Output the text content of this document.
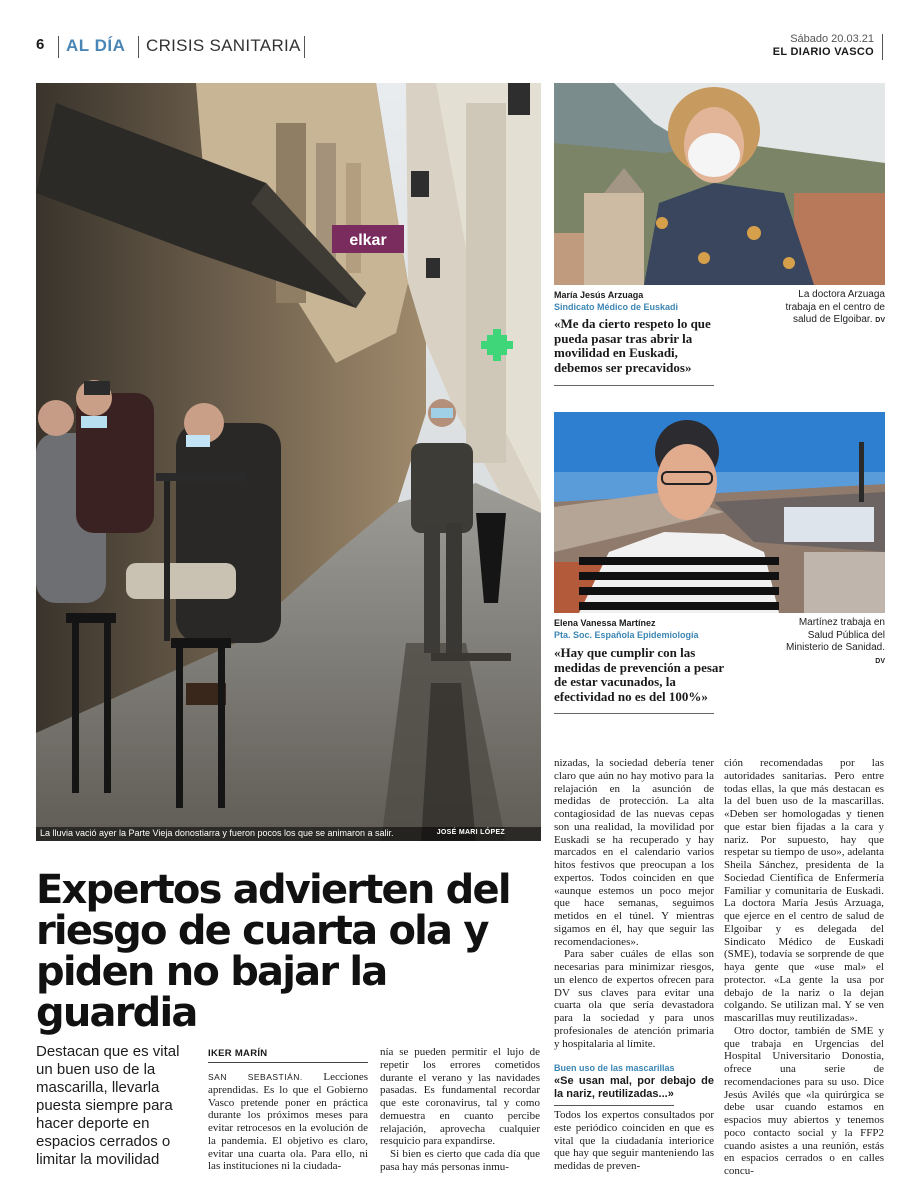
6 AL DÍA CRISIS SANITARIA	Sábado 20.03.21
EL DIARIO VASCO
elkar
La lluvia vació ayer la Parte Vieja donostiarra y fueron pocos los que se animaron a salir.	JOSÉ MARI LÓPEZ
María Jesús Arzuaga
Sindicato Médico de Euskadi
«Me da cierto respeto lo que pueda pasar tras abrir la movilidad en Euskadi, debemos ser precavidos»
La doctora Arzuaga trabaja en el centro de salud de Elgoibar. DV
Elena Vanessa Martínez
Pta. Soc. Española Epidemiología
«Hay que cumplir con las medidas de prevención a pesar de estar vacunados, la efectividad no es del 100%»
Martínez trabaja en Salud Pública del Ministerio de Sanidad. DV
Expertos advierten del riesgo de cuarta ola y piden no bajar la guardia
Destacan que es vital un buen uso de la mascarilla, llevarla puesta siempre para hacer deporte en espacios cerrados o limitar la movilidad
IKER MARÍN

SAN SEBASTIÁN. Lecciones aprendidas. Es lo que el Gobierno Vasco pretende poner en práctica durante los próximos meses para evitar retrocesos en la evolución de la pandemia. El objetivo es claro, evitar una cuarta ola. Para ello, ni las instituciones ni la ciudada-

nía se pueden permitir el lujo de repetir los errores cometidos durante el verano y las navidades pasadas. Es fundamental recordar que este coronavirus, tal y como demuestra en cuanto percibe relajación, aprovecha cualquier resquicio para expandirse.

Si bien es cierto que cada día que pasa hay más personas inmu-

nizadas, la sociedad debería tener claro que aún no hay motivo para la relajación en la asunción de medidas de protección. La alta contagiosidad de las nuevas cepas son una realidad, la movilidad por Euskadi se ha recuperado y hay marcados en el calendario varios hitos festivos que preocupan a los expertos. Todos coinciden en que «aunque estemos un poco mejor que hace semanas, seguimos metidos en el túnel. Y mientras sigamos en él, hay que seguir las recomendaciones».

Para saber cuáles de ellas son necesarias para minimizar riesgos, un elenco de expertos ofrecen para DV sus claves para evitar una cuarta ola que sería devastadora para la sociedad y para unos profesionales de atención primaria y hospitalaria al límite.

Buen uso de las mascarillas
«Se usan mal, por debajo de la nariz, reutilizadas...»

Todos los expertos consultados por este periódico coinciden en que es vital que la ciudadanía interiorice que hay que seguir manteniendo las medidas de preven-

ción recomendadas por las autoridades sanitarias. Pero entre todas ellas, la que más destacan es la del buen uso de la mascarillas. «Deben ser homologadas y tienen que estar bien fijadas a la cara y nariz. Por supuesto, hay que respetar su tiempo de uso», adelanta Sheila Sánchez, presidenta de la Sociedad Científica de Enfermería Familiar y comunitaria de Euskadi. La doctora María Jesús Arzuaga, que ejerce en el centro de salud de Elgoibar y es delegada del Sindicato Médico de Euskadi (SME), todavía se sorprende de que haya gente que «use mal» el protector. «La gente la usa por debajo de la nariz o la dejan colgando. Se utilizan mal. Y se ven mascarillas muy reutilizadas».

Otro doctor, también de SME y que trabaja en Urgencias del Hospital Universitario Donostia, ofrece una serie de recomendaciones para su uso. Dice Jesús Avilés que «la quirúrgica se debe usar cuando estamos en espacios muy abiertos y tenemos poco contacto social y la FFP2 cuando asistes a una reunión, estás en espacios cerrados o en calles concu-
